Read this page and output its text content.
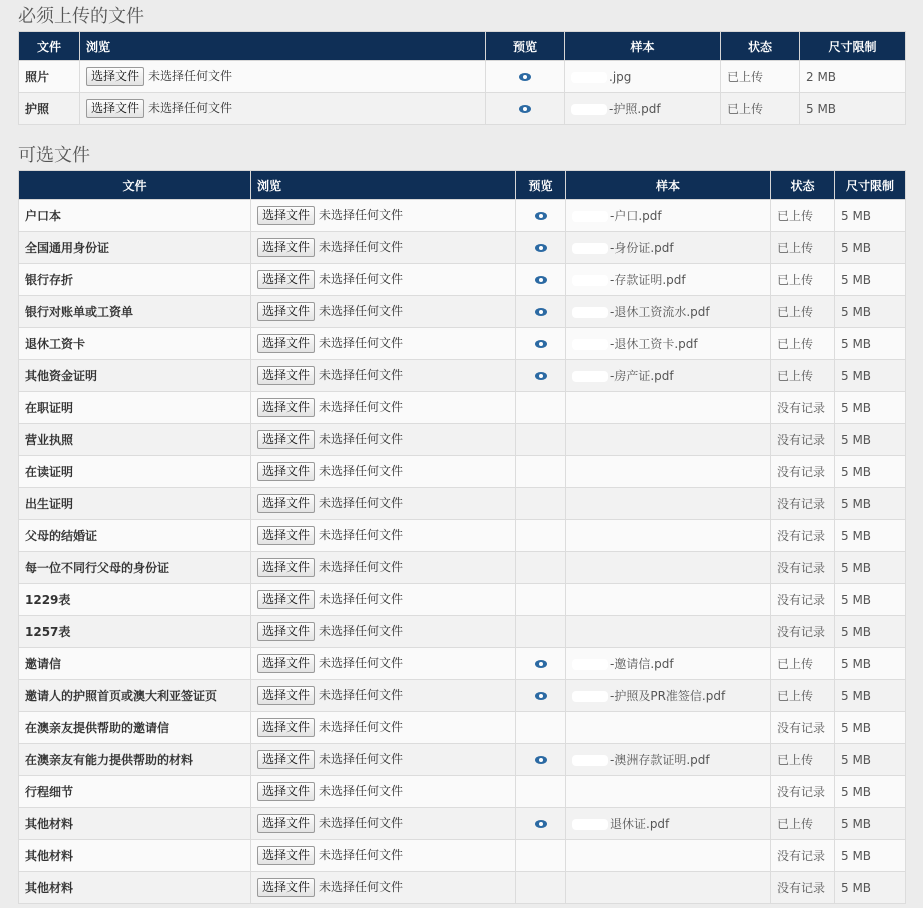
必须上传的文件
文件	浏览	预览	样本	状态	尺寸限制
照片	选择文件 未选择任何文件		.jpg	已上传	2 MB
护照	选择文件 未选择任何文件		-护照.pdf	已上传	5 MB
可选文件
文件	浏览	预览	样本	状态	尺寸限制
户口本	选择文件 未选择任何文件		-户口.pdf	已上传	5 MB
全国通用身份证	选择文件 未选择任何文件		-身份证.pdf	已上传	5 MB
银行存折	选择文件 未选择任何文件		-存款证明.pdf	已上传	5 MB
银行对账单或工资单	选择文件 未选择任何文件		-退休工资流水.pdf	已上传	5 MB
退休工资卡	选择文件 未选择任何文件		-退休工资卡.pdf	已上传	5 MB
其他资金证明	选择文件 未选择任何文件		-房产证.pdf	已上传	5 MB
在职证明	选择文件 未选择任何文件			没有记录	5 MB
营业执照	选择文件 未选择任何文件			没有记录	5 MB
在读证明	选择文件 未选择任何文件			没有记录	5 MB
出生证明	选择文件 未选择任何文件			没有记录	5 MB
父母的结婚证	选择文件 未选择任何文件			没有记录	5 MB
每一位不同行父母的身份证	选择文件 未选择任何文件			没有记录	5 MB
1229表	选择文件 未选择任何文件			没有记录	5 MB
1257表	选择文件 未选择任何文件			没有记录	5 MB
邀请信	选择文件 未选择任何文件		-邀请信.pdf	已上传	5 MB
邀请人的护照首页或澳大利亚签证页	选择文件 未选择任何文件		-护照及PR准签信.pdf	已上传	5 MB
在澳亲友提供帮助的邀请信	选择文件 未选择任何文件			没有记录	5 MB
在澳亲友有能力提供帮助的材料	选择文件 未选择任何文件		-澳洲存款证明.pdf	已上传	5 MB
行程细节	选择文件 未选择任何文件			没有记录	5 MB
其他材料	选择文件 未选择任何文件		退休证.pdf	已上传	5 MB
其他材料	选择文件 未选择任何文件			没有记录	5 MB
其他材料	选择文件 未选择任何文件			没有记录	5 MB
